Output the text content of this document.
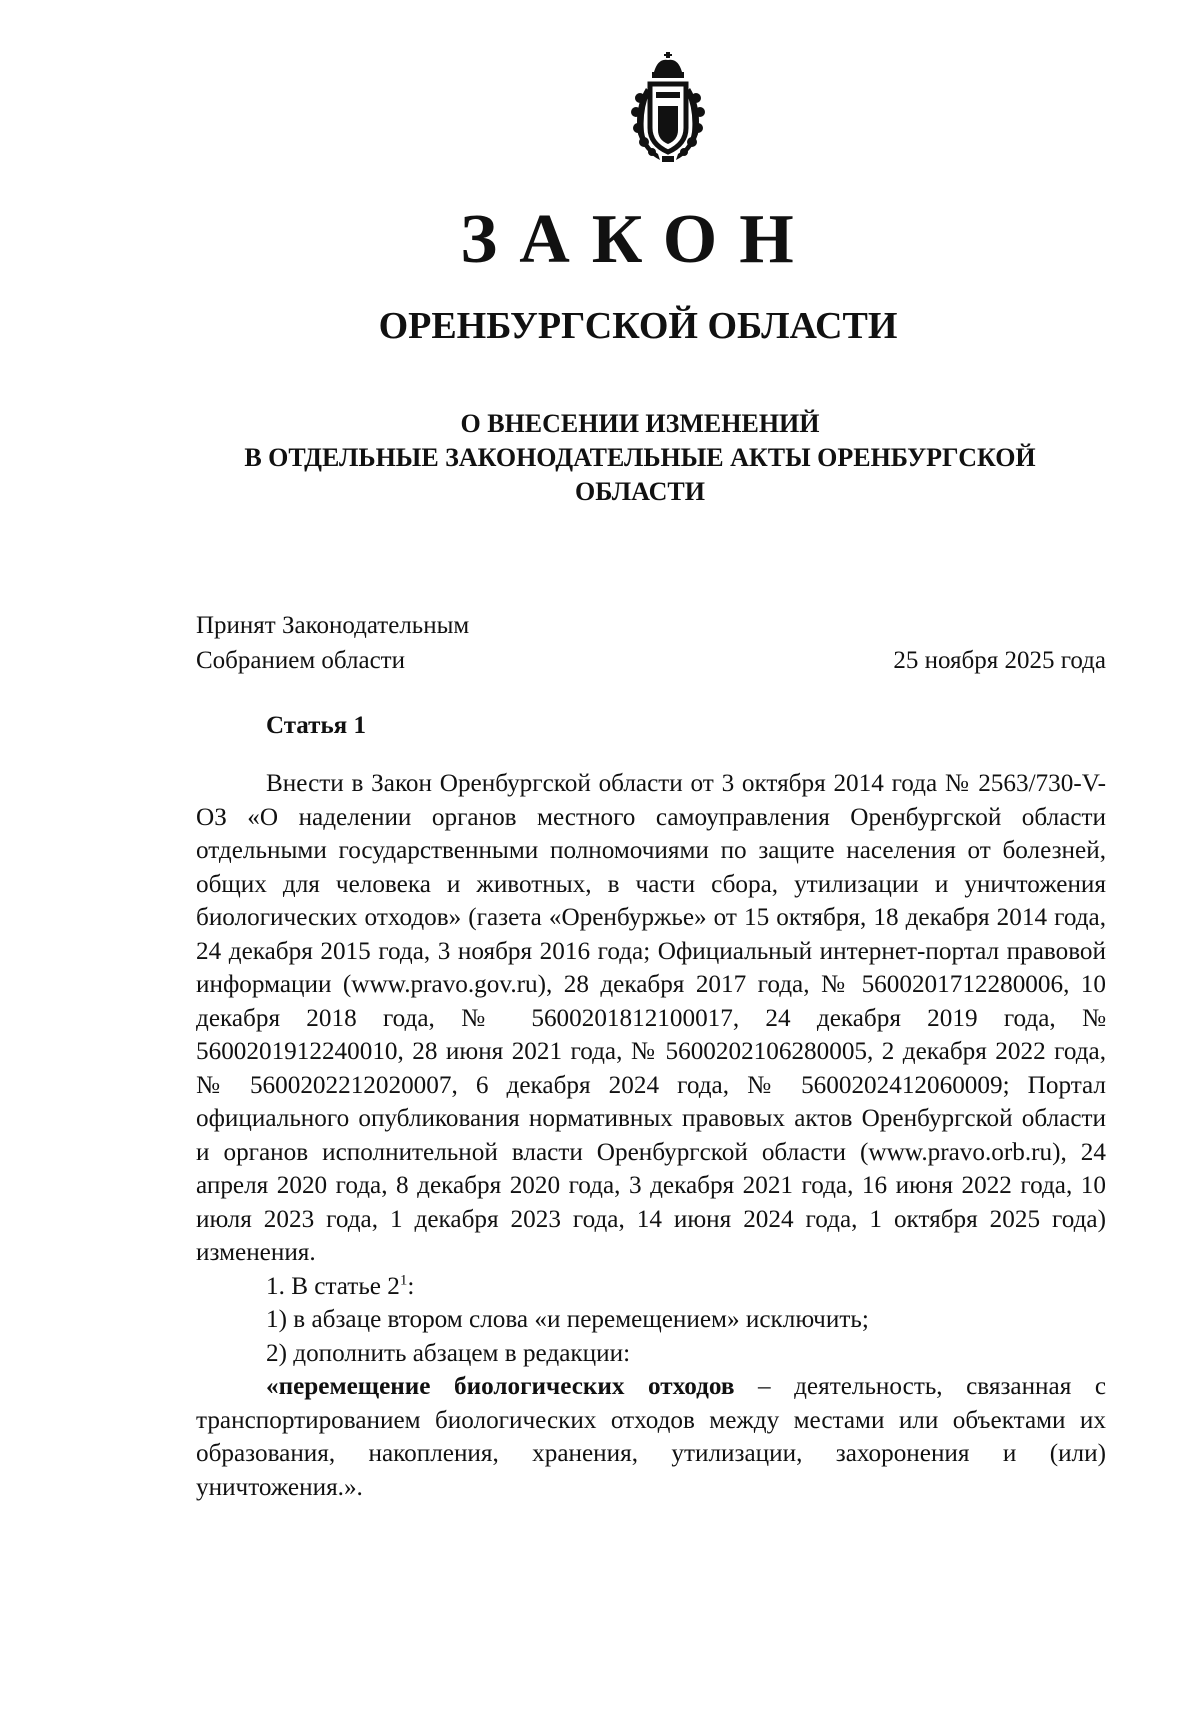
ЗАКОН
ОРЕНБУРГСКОЙ ОБЛАСТИ
О ВНЕСЕНИИ ИЗМЕНЕНИЙ
В ОТДЕЛЬНЫЕ ЗАКОНОДАТЕЛЬНЫЕ АКТЫ ОРЕНБУРГСКОЙ
ОБЛАСТИ
Принят Законодательным
Собранием области	25 ноября 2025 года
Статья 1

Внести в Закон Оренбургской области от 3 октября 2014 года № 2563/730-V-ОЗ «О наделении органов местного самоуправления Оренбургской области отдельными государственными полномочиями по защите населения от болезней, общих для человека и животных, в части сбора, утилизации и уничтожения биологических отходов» (газета «Оренбуржье» от 15 октября, 18 декабря 2014 года, 24 декабря 2015 года, 3 ноября 2016 года; Официальный интернет-портал правовой информации (www.pravo.gov.ru), 28 декабря 2017 года, № 5600201712280006, 10 декабря 2018 года, № 5600201812100017, 24 декабря 2019 года, № 5600201912240010, 28 июня 2021 года, № 5600202106280005, 2 декабря 2022 года, № 5600202212020007, 6 декабря 2024 года, № 5600202412060009; Портал официального опубликования нормативных правовых актов Оренбургской области и органов исполнительной власти Оренбургской области (www.pravo.orb.ru), 24 апреля 2020 года, 8 декабря 2020 года, 3 декабря 2021 года, 16 июня 2022 года, 10 июля 2023 года, 1 декабря 2023 года, 14 июня 2024 года, 1 октября 2025 года) изменения.

1. В статье $2^1$:

1) в абзаце втором слова «и перемещением» исключить;

2) дополнить абзацем в редакции:

«перемещение биологических отходов – деятельность, связанная с транспортированием биологических отходов между местами или объектами их образования, накопления, хранения, утилизации, захоронения и (или) уничтожения.».
